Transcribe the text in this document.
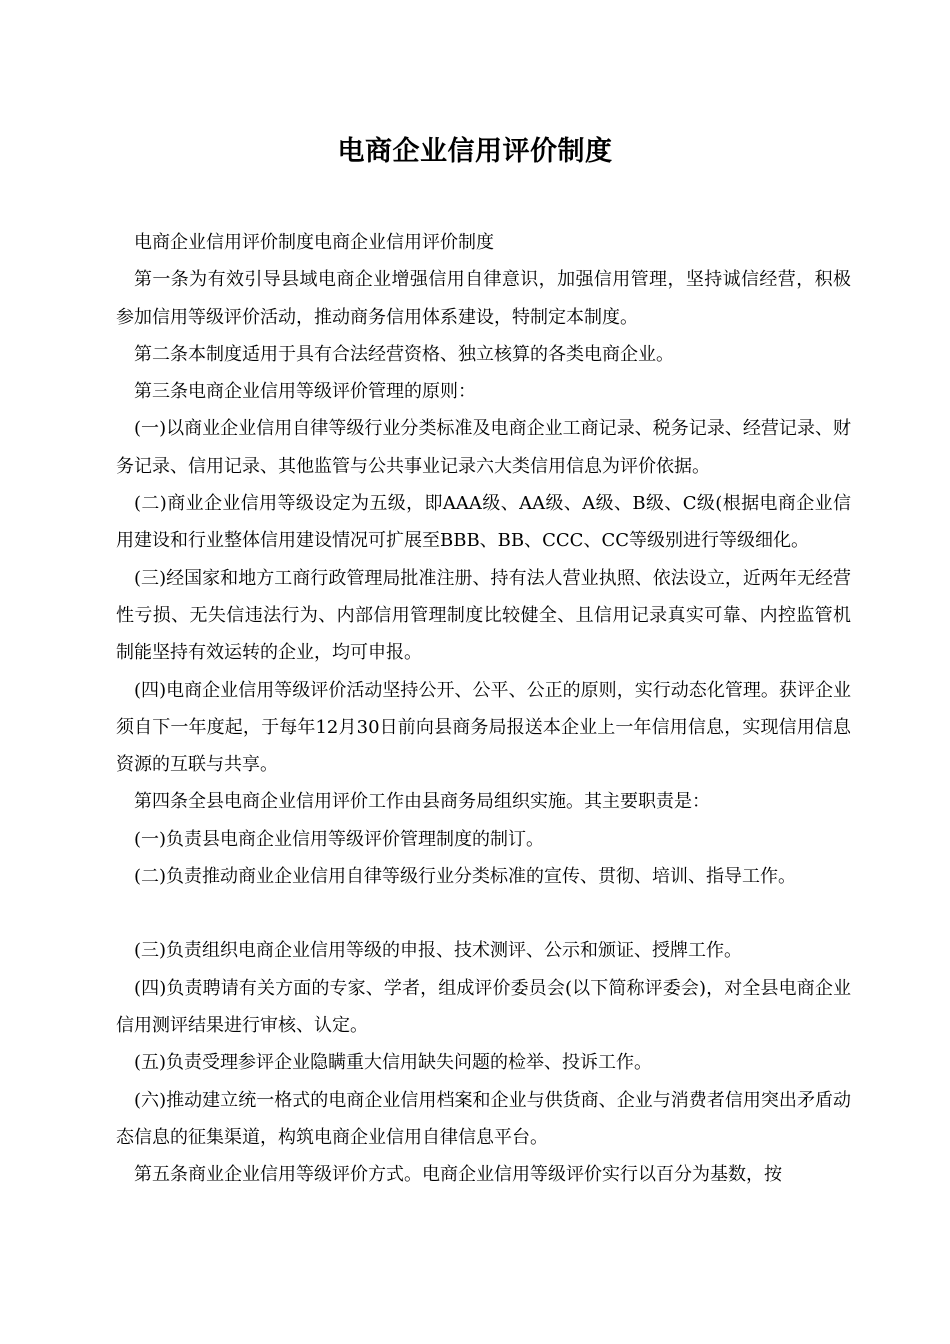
电商企业信用评价制度

电商企业信用评价制度电商企业信用评价制度

第一条为有效引导县域电商企业增强信用自律意识，加强信用管理，坚持诚信经营，积极参加信用等级评价活动，推动商务信用体系建设，特制定本制度。

第二条本制度适用于具有合法经营资格、独立核算的各类电商企业。

第三条电商企业信用等级评价管理的原则：

(一)以商业企业信用自律等级行业分类标准及电商企业工商记录、税务记录、经营记录、财务记录、信用记录、其他监管与公共事业记录六大类信用信息为评价依据。

(二)商业企业信用等级设定为五级，即AAA级、AA级、A级、B级、C级(根据电商企业信用建设和行业整体信用建设情况可扩展至BBB、BB、CCC、CC等级别进行等级细化。

(三)经国家和地方工商行政管理局批准注册、持有法人营业执照、依法设立，近两年无经营性亏损、无失信违法行为、内部信用管理制度比较健全、且信用记录真实可靠、内控监管机制能坚持有效运转的企业，均可申报。

(四)电商企业信用等级评价活动坚持公开、公平、公正的原则，实行动态化管理。获评企业须自下一年度起，于每年12月30日前向县商务局报送本企业上一年信用信息，实现信用信息资源的互联与共享。

第四条全县电商企业信用评价工作由县商务局组织实施。其主要职责是：

(一)负责县电商企业信用等级评价管理制度的制订。

(二)负责推动商业企业信用自律等级行业分类标准的宣传、贯彻、培训、指导工作。

(三)负责组织电商企业信用等级的申报、技术测评、公示和颁证、授牌工作。

(四)负责聘请有关方面的专家、学者，组成评价委员会(以下简称评委会)，对全县电商企业信用测评结果进行审核、认定。

(五)负责受理参评企业隐瞒重大信用缺失问题的检举、投诉工作。

(六)推动建立统一格式的电商企业信用档案和企业与供货商、企业与消费者信用突出矛盾动态信息的征集渠道，构筑电商企业信用自律信息平台。

第五条商业企业信用等级评价方式。电商企业信用等级评价实行以百分为基数，按
